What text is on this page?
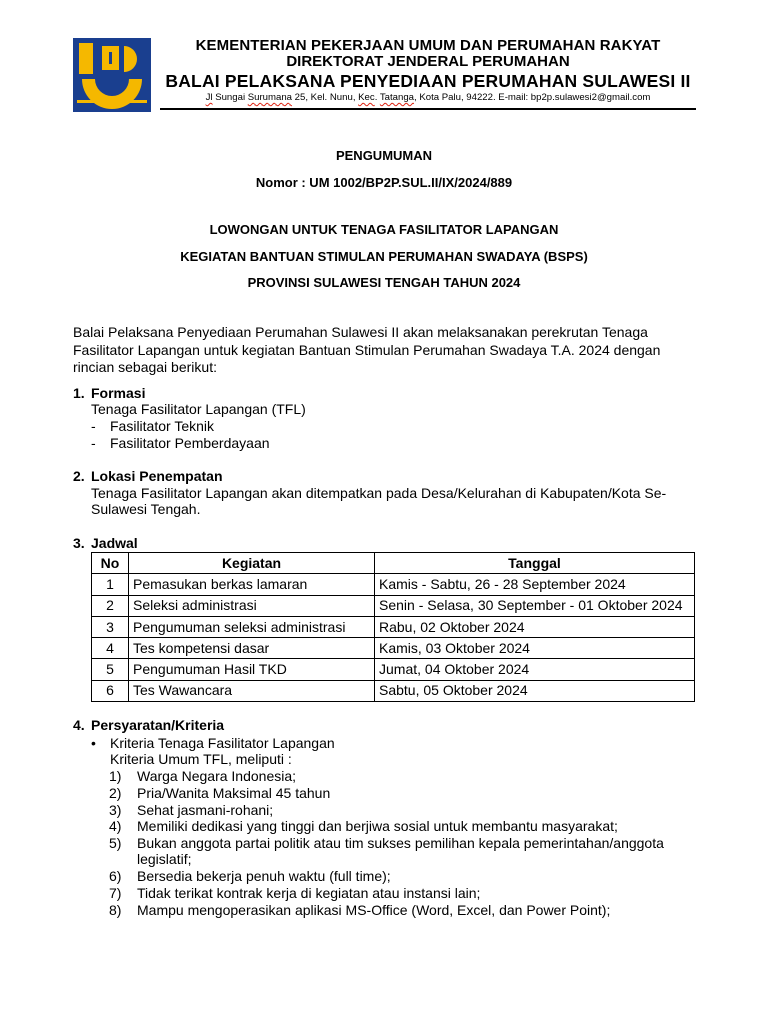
KEMENTERIAN PEKERJAAN UMUM DAN PERUMAHAN RAKYAT
DIREKTORAT JENDERAL PERUMAHAN
BALAI PELAKSANA PENYEDIAAN PERUMAHAN SULAWESI II
Jl Sungai Surumana 25, Kel. Nunu, Kec. Tatanga, Kota Palu, 94222. E-mail: bp2p.sulawesi2@gmail.com
PENGUMUMAN
Nomor : UM 1002/BP2P.SUL.II/IX/2024/889
LOWONGAN UNTUK TENAGA FASILITATOR LAPANGAN
KEGIATAN BANTUAN STIMULAN PERUMAHAN SWADAYA (BSPS)
PROVINSI SULAWESI TENGAH TAHUN 2024
Balai Pelaksana Penyediaan Perumahan Sulawesi II akan melaksanakan perekrutan Tenaga
Fasilitator Lapangan untuk kegiatan Bantuan Stimulan Perumahan Swadaya T.A. 2024 dengan
rincian sebagai berikut:
1. Formasi
Tenaga Fasilitator Lapangan (TFL)
- Fasilitator Teknik
- Fasilitator Pemberdayaan
2. Lokasi Penempatan
Tenaga Fasilitator Lapangan akan ditempatkan pada Desa/Kelurahan di Kabupaten/Kota Se-
Sulawesi Tengah.
3. Jadwal
No	Kegiatan	Tanggal
1	Pemasukan berkas lamaran	Kamis - Sabtu, 26 - 28 September 2024
2	Seleksi administrasi	Senin - Selasa, 30 September - 01 Oktober 2024
3	Pengumuman seleksi administrasi	Rabu, 02 Oktober 2024
4	Tes kompetensi dasar	Kamis, 03 Oktober 2024
5	Pengumuman Hasil TKD	Jumat, 04 Oktober 2024
6	Tes Wawancara	Sabtu, 05 Oktober 2024
4. Persyaratan/Kriteria
• Kriteria Tenaga Fasilitator Lapangan
Kriteria Umum TFL, meliputi :
1) Warga Negara Indonesia;
2) Pria/Wanita Maksimal 45 tahun
3) Sehat jasmani-rohani;
4) Memiliki dedikasi yang tinggi dan berjiwa sosial untuk membantu masyarakat;
5) Bukan anggota partai politik atau tim sukses pemilihan kepala pemerintahan/anggota
legislatif;
6) Bersedia bekerja penuh waktu (full time);
7) Tidak terikat kontrak kerja di kegiatan atau instansi lain;
8) Mampu mengoperasikan aplikasi MS-Office (Word, Excel, dan Power Point);
